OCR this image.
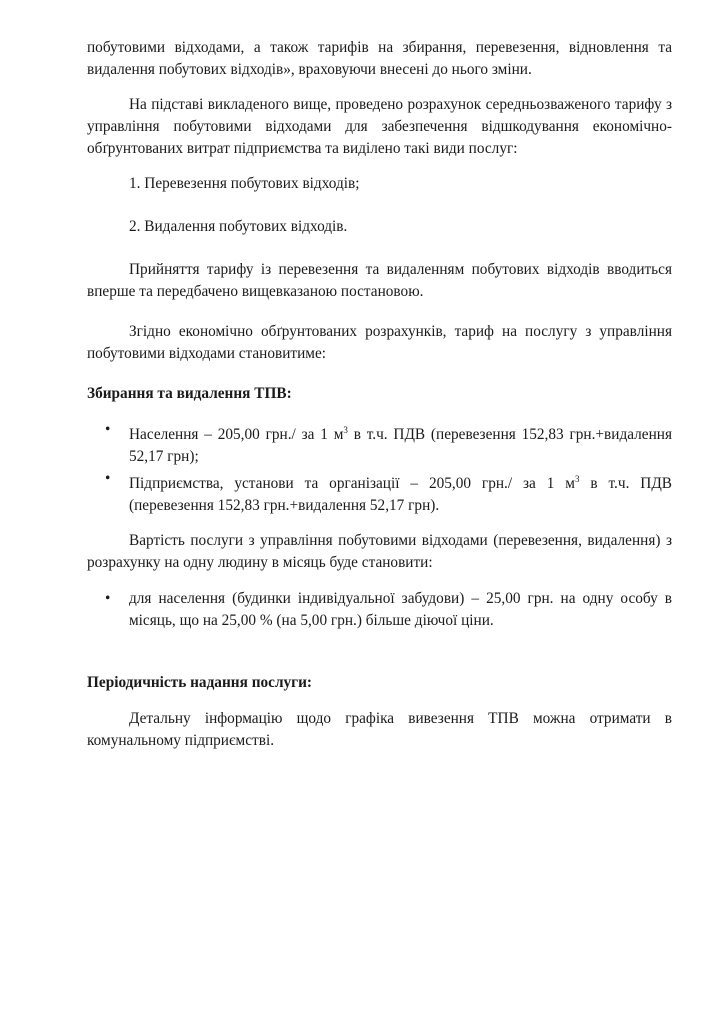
побутовими відходами, а також тарифів на збирання, перевезення, відновлення та видалення побутових відходів», враховуючи внесені до нього зміни.

На підставі викладеного вище, проведено розрахунок середньозваженого тарифу з управління побутовими відходами для забезпечення відшкодування економічно-обґрунтованих витрат підприємства та виділено такі види послуг:

1. Перевезення побутових відходів;

2. Видалення побутових відходів.

Прийняття тарифу із перевезення та видаленням побутових відходів вводиться вперше та передбачено вищевказаною постановою.

Згідно економічно обґрунтованих розрахунків, тариф на послугу з управління побутовими відходами становитиме:

Збирання та видалення ТПВ:

• Населення – 205,00 грн./ за 1 $м^3$ в т.ч. ПДВ (перевезення 152,83 грн.+видалення 52,17 грн);
• Підприємства, установи та організації – 205,00 грн./ за 1 $м^3$ в т.ч. ПДВ (перевезення 152,83 грн.+видалення 52,17 грн).

Вартість послуги з управління побутовими відходами (перевезення, видалення) з розрахунку на одну людину в місяць буде становити:

• для населення (будинки індивідуальної забудови) – 25,00 грн. на одну особу в місяць, що на 25,00 % (на 5,00 грн.) більше діючої ціни.

Періодичність надання послуги:

Детальну інформацію щодо графіка вивезення ТПВ можна отримати в комунальному підприємстві.
